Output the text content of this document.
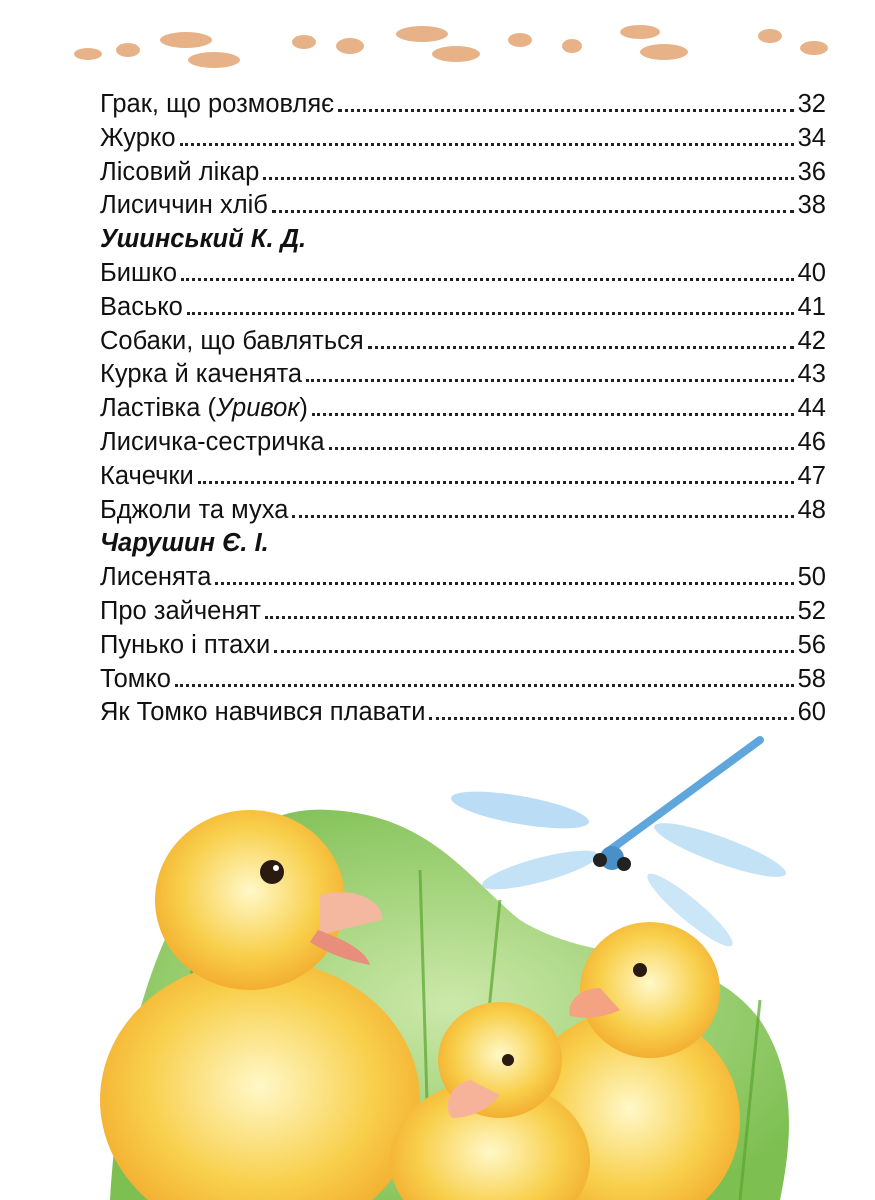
Грак, що розмовляє	32
Журко	34
Лісовий лікар	36
Лисиччин хліб	38
Ушинський К. Д.
Бишко	40
Васько	41
Собаки, що бавляться	42
Курка й каченята	43
Ластівка (Уривок)	44
Лисичка-сестричка	46
Качечки	47
Бджоли та муха	48
Чарушин Є. І.
Лисенята	50
Про зайченят	52
Пунько і птахи	56
Томко	58
Як Томко навчився плавати	60
